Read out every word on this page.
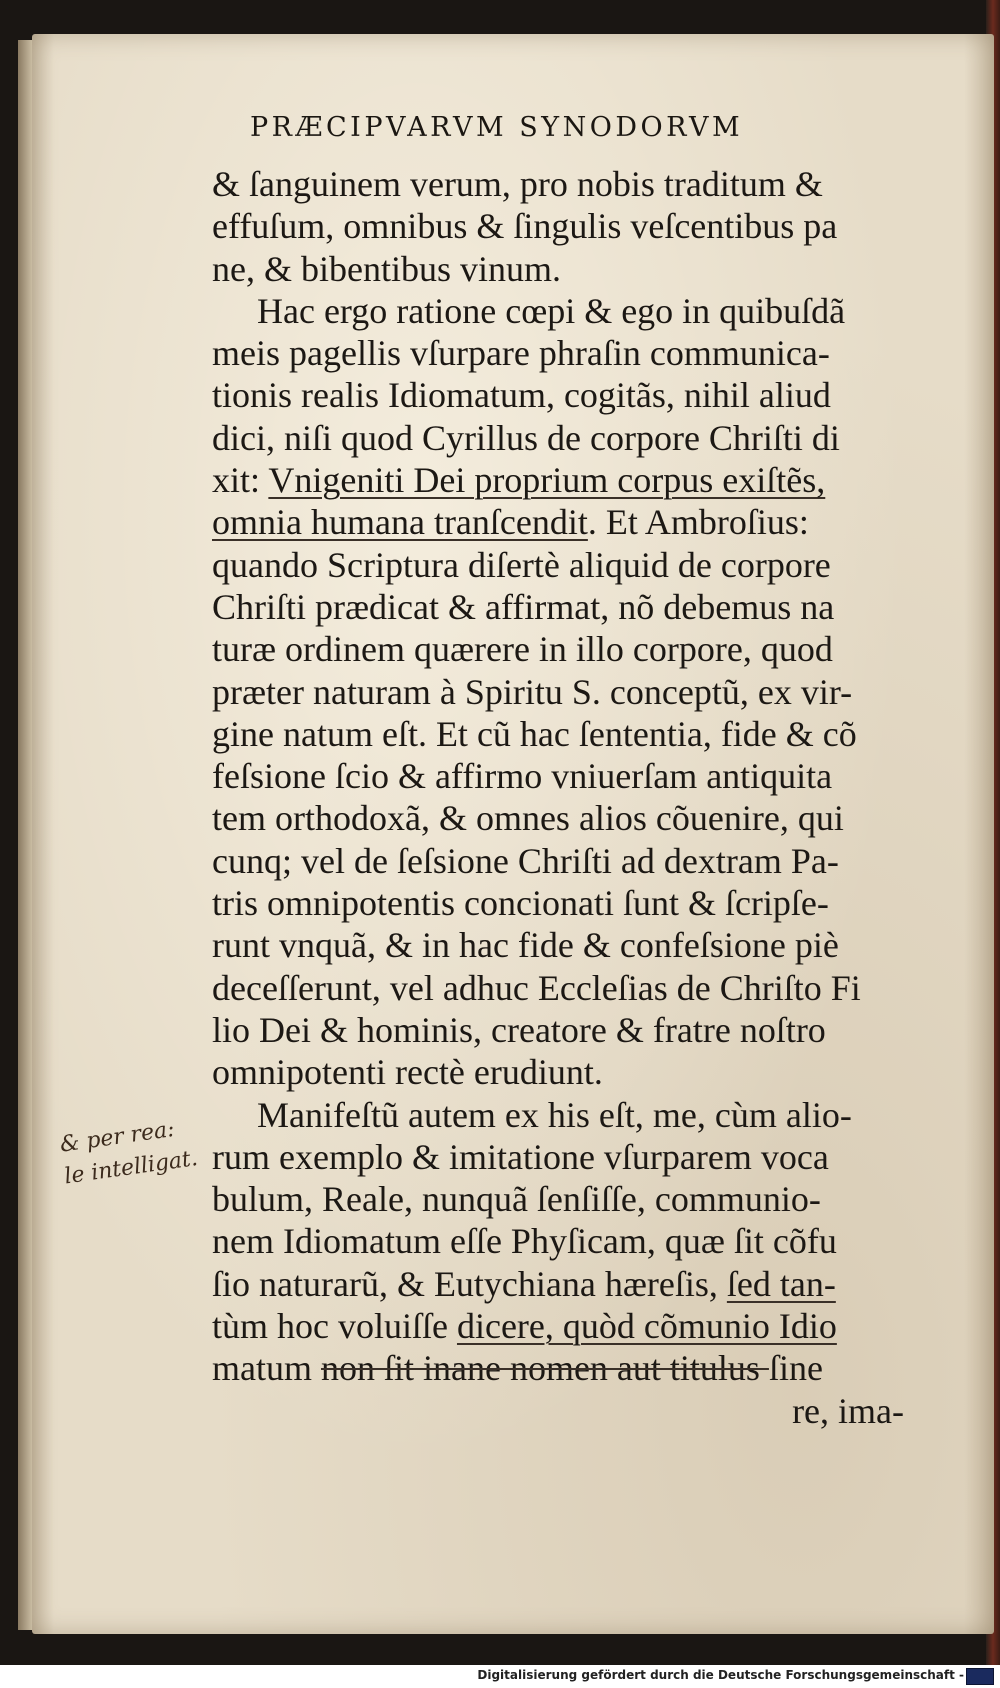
PRÆCIPVARVM SYNODORVM
& ſanguinem verum, pro nobis traditum &
effuſum, omnibus & ſingulis veſcentibus pa
ne, & bibentibus vinum.
Hac ergo ratione cœpi & ego in quibuſdã
meis pagellis vſurpare phraſin communica-
tionis realis Idiomatum, cogitãs, nihil aliud
dici, niſi quod Cyrillus de corpore Chriſti di
xit: Vnigeniti Dei proprium corpus exiſtẽs,
omnia humana tranſcendit. Et Ambroſius:
quando Scriptura diſertè aliquid de corpore
Chriſti prædicat & affirmat, nõ debemus na
turæ ordinem quærere in illo corpore, quod
præter naturam à Spiritu S. conceptũ, ex vir-
gine natum eſt. Et cũ hac ſententia, fide & cõ
feſsione ſcio & affirmo vniuerſam antiquita
tem orthodoxã, & omnes alios cõuenire, qui
cunq; vel de ſeſsione Chriſti ad dextram Pa-
tris omnipotentis concionati ſunt & ſcripſe-
runt vnquã, & in hac fide & confeſsione piè
deceſſerunt, vel adhuc Eccleſias de Chriſto Fi
lio Dei & hominis, creatore & fratre noſtro
omnipotenti rectè erudiunt.
Manifeſtũ autem ex his eſt, me, cùm alio-
rum exemplo & imitatione vſurparem voca
bulum, Reale, nunquã ſenſiſſe, communio-
nem Idiomatum eſſe Phyſicam, quæ ſit cõfu
ſio naturarũ, & Eutychiana hæreſis, ſed tan-
tùm hoc voluiſſe dicere, quòd cõmunio Idio
matum non ſit inane nomen aut titulus ſine
re, ima-
& per rea:
le intelligat.
Digitalisierung gefördert durch die Deutsche Forschungsgemeinschaft -
